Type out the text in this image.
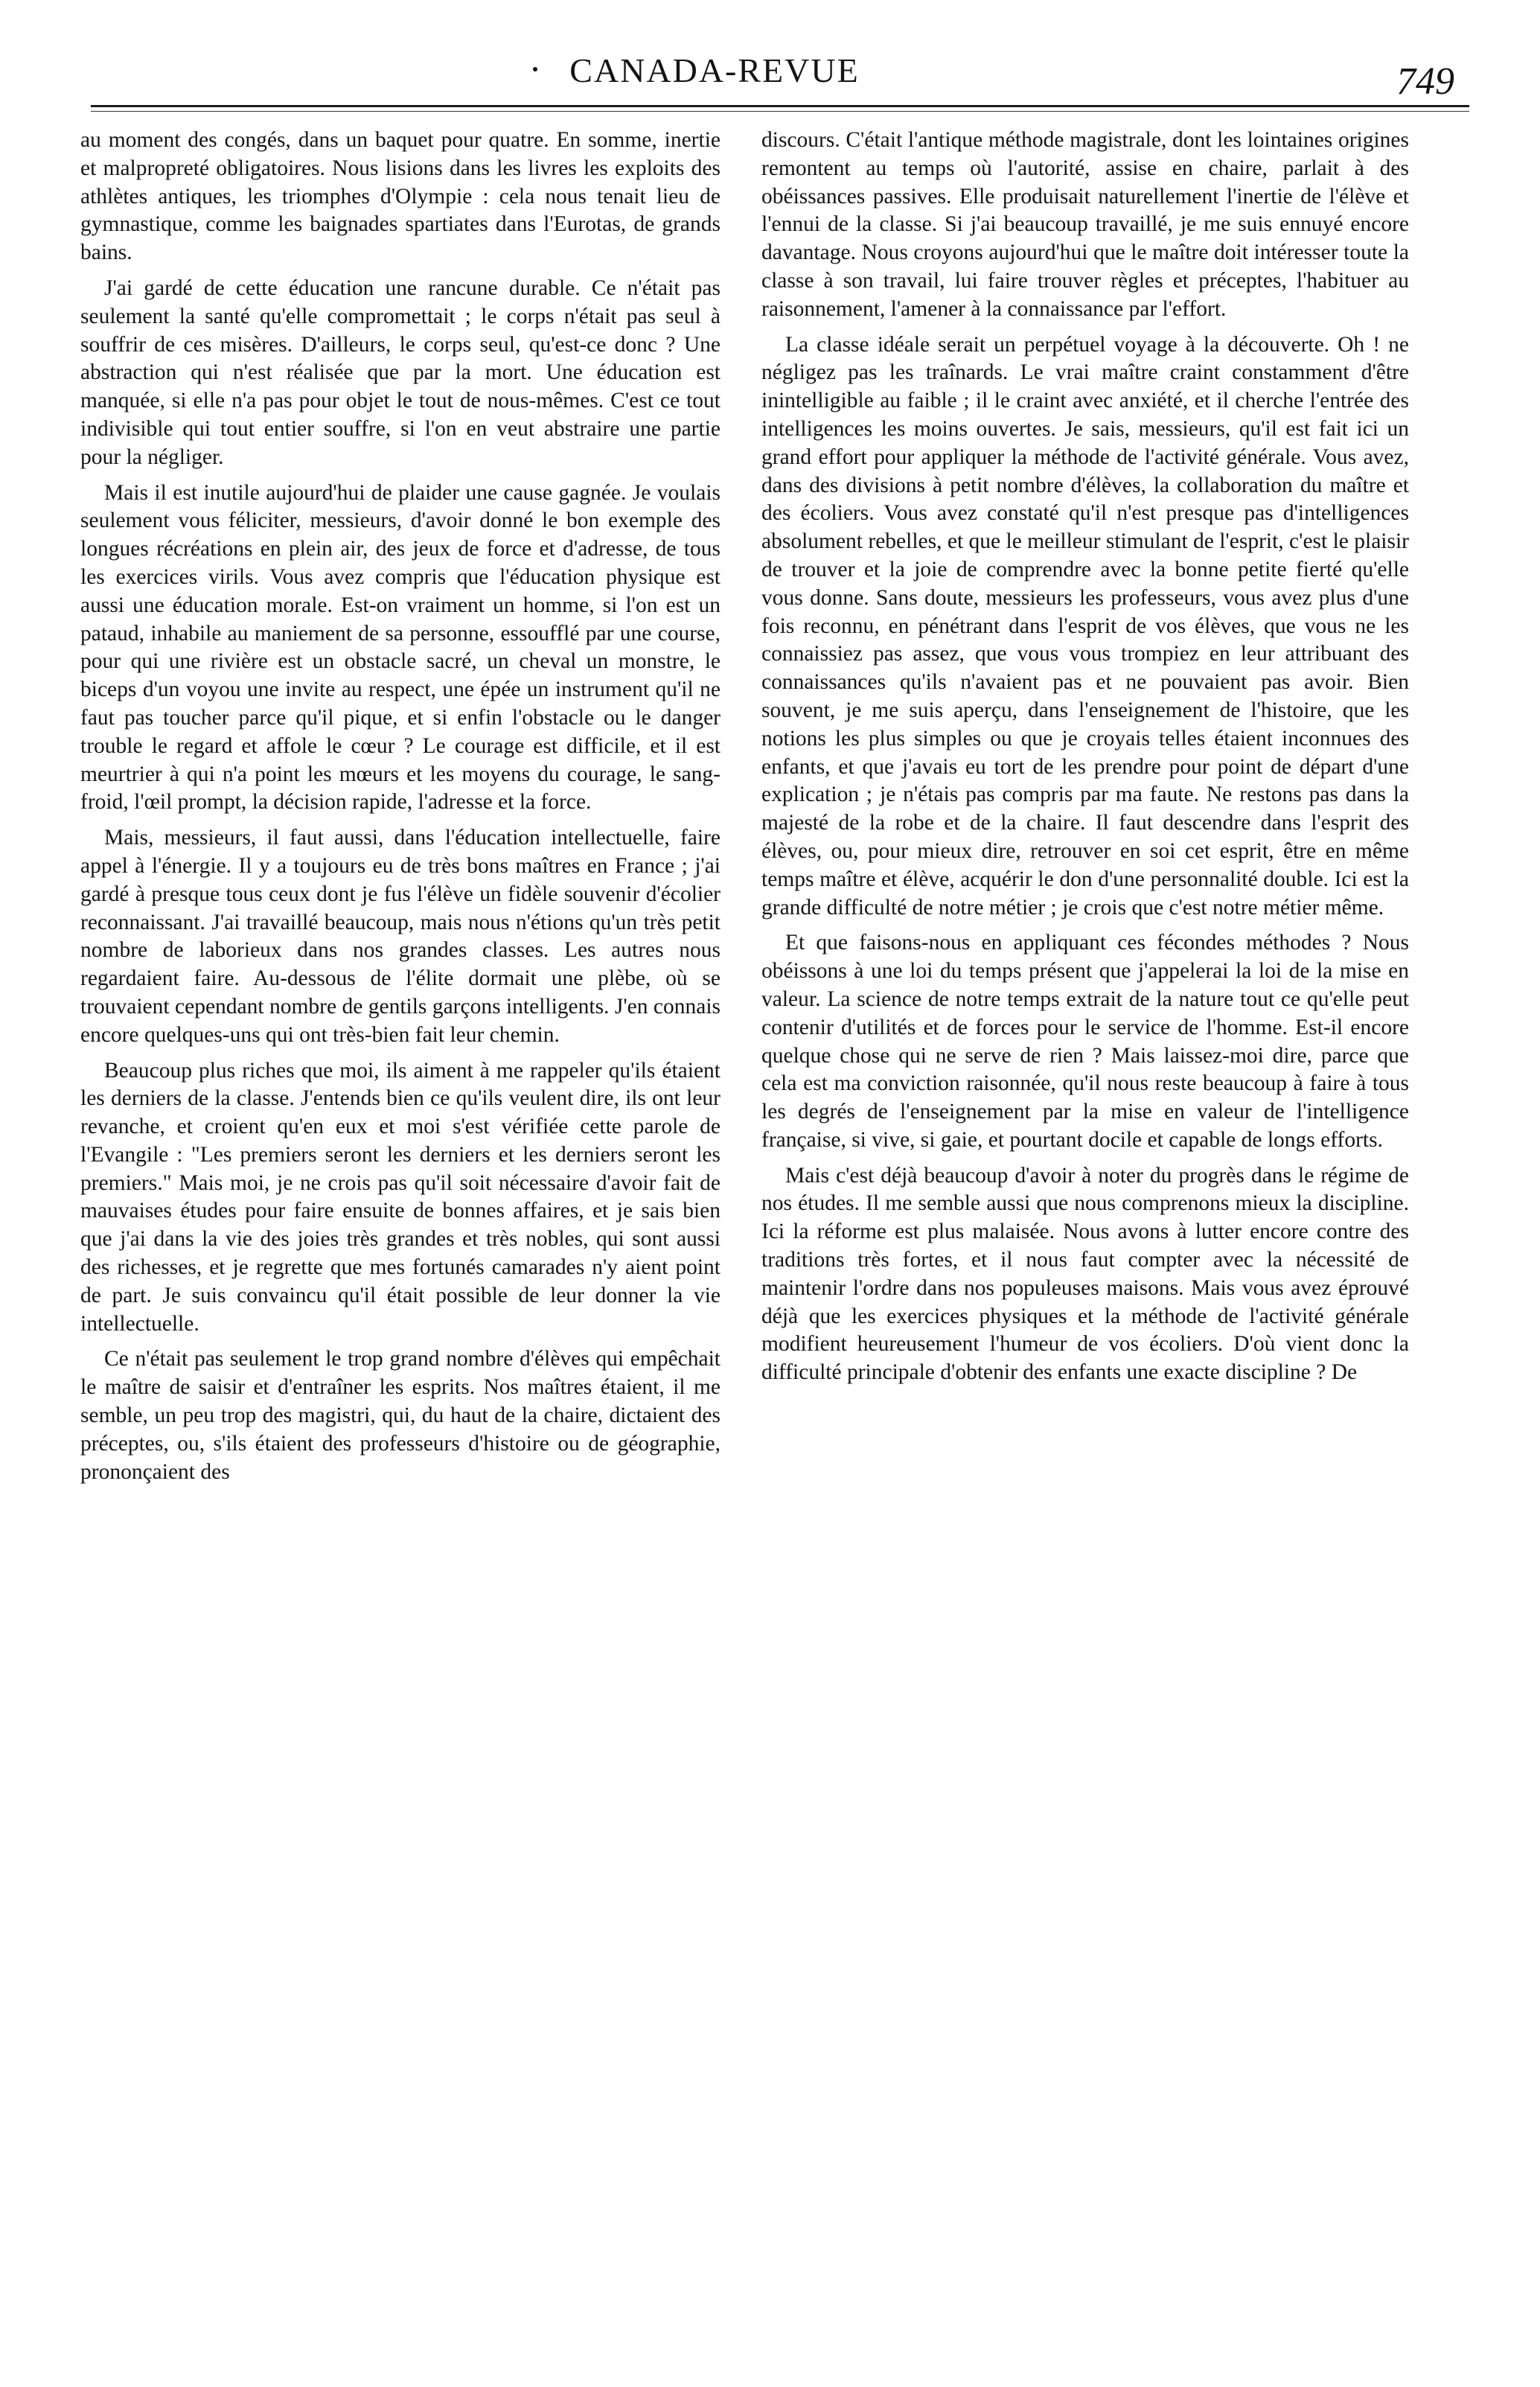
CANADA-REVUE	749

au moment des congés, dans un baquet pour quatre. En somme, inertie et malpropreté obligatoires. Nous lisions dans les livres les exploits des athlètes antiques, les triomphes d'Olympie : cela nous tenait lieu de gymnastique, comme les baignades spartiates dans l'Eurotas, de grands bains.

J'ai gardé de cette éducation une rancune durable. Ce n'était pas seulement la santé qu'elle compromettait ; le corps n'était pas seul à souffrir de ces misères. D'ailleurs, le corps seul, qu'est-ce donc ? Une abstraction qui n'est réalisée que par la mort. Une éducation est manquée, si elle n'a pas pour objet le tout de nous-mêmes. C'est ce tout indivisible qui tout entier souffre, si l'on en veut abstraire une partie pour la négliger.

Mais il est inutile aujourd'hui de plaider une cause gagnée. Je voulais seulement vous féliciter, messieurs, d'avoir donné le bon exemple des longues récréations en plein air, des jeux de force et d'adresse, de tous les exercices virils. Vous avez compris que l'éducation physique est aussi une éducation morale. Est-on vraiment un homme, si l'on est un pataud, inhabile au maniement de sa personne, essoufflé par une course, pour qui une rivière est un obstacle sacré, un cheval un monstre, le biceps d'un voyou une invite au respect, une épée un instrument qu'il ne faut pas toucher parce qu'il pique, et si enfin l'obstacle ou le danger trouble le regard et affole le cœur ? Le courage est difficile, et il est meurtrier à qui n'a point les mœurs et les moyens du courage, le sang-froid, l'œil prompt, la décision rapide, l'adresse et la force.

Mais, messieurs, il faut aussi, dans l'éducation intellectuelle, faire appel à l'énergie. Il y a toujours eu de très bons maîtres en France ; j'ai gardé à presque tous ceux dont je fus l'élève un fidèle souvenir d'écolier reconnaissant. J'ai travaillé beaucoup, mais nous n'étions qu'un très petit nombre de laborieux dans nos grandes classes. Les autres nous regardaient faire. Au-dessous de l'élite dormait une plèbe, où se trouvaient cependant nombre de gentils garçons intelligents. J'en connais encore quelques-uns qui ont très-bien fait leur chemin.

Beaucoup plus riches que moi, ils aiment à me rappeler qu'ils étaient les derniers de la classe. J'entends bien ce qu'ils veulent dire, ils ont leur revanche, et croient qu'en eux et moi s'est vérifiée cette parole de l'Evangile : "Les premiers seront les derniers et les derniers seront les premiers." Mais moi, je ne crois pas qu'il soit nécessaire d'avoir fait de mauvaises études pour faire ensuite de bonnes affaires, et je sais bien que j'ai dans la vie des joies très grandes et très nobles, qui sont aussi des richesses, et je regrette que mes fortunés camarades n'y aient point de part. Je suis convaincu qu'il était possible de leur donner la vie intellectuelle.

Ce n'était pas seulement le trop grand nombre d'élèves qui empêchait le maître de saisir et d'entraîner les esprits. Nos maîtres étaient, il me semble, un peu trop des magistri, qui, du haut de la chaire, dictaient des préceptes, ou, s'ils étaient des professeurs d'histoire ou de géographie, prononçaient des

discours. C'était l'antique méthode magistrale, dont les lointaines origines remontent au temps où l'autorité, assise en chaire, parlait à des obéissances passives. Elle produisait naturellement l'inertie de l'élève et l'ennui de la classe. Si j'ai beaucoup travaillé, je me suis ennuyé encore davantage. Nous croyons aujourd'hui que le maître doit intéresser toute la classe à son travail, lui faire trouver règles et préceptes, l'habituer au raisonnement, l'amener à la connaissance par l'effort.

La classe idéale serait un perpétuel voyage à la découverte. Oh ! ne négligez pas les traînards. Le vrai maître craint constamment d'être inintelligible au faible ; il le craint avec anxiété, et il cherche l'entrée des intelligences les moins ouvertes. Je sais, messieurs, qu'il est fait ici un grand effort pour appliquer la méthode de l'activité générale. Vous avez, dans des divisions à petit nombre d'élèves, la collaboration du maître et des écoliers. Vous avez constaté qu'il n'est presque pas d'intelligences absolument rebelles, et que le meilleur stimulant de l'esprit, c'est le plaisir de trouver et la joie de comprendre avec la bonne petite fierté qu'elle vous donne. Sans doute, messieurs les professeurs, vous avez plus d'une fois reconnu, en pénétrant dans l'esprit de vos élèves, que vous ne les connaissiez pas assez, que vous vous trompiez en leur attribuant des connaissances qu'ils n'avaient pas et ne pouvaient pas avoir. Bien souvent, je me suis aperçu, dans l'enseignement de l'histoire, que les notions les plus simples ou que je croyais telles étaient inconnues des enfants, et que j'avais eu tort de les prendre pour point de départ d'une explication ; je n'étais pas compris par ma faute. Ne restons pas dans la majesté de la robe et de la chaire. Il faut descendre dans l'esprit des élèves, ou, pour mieux dire, retrouver en soi cet esprit, être en même temps maître et élève, acquérir le don d'une personnalité double. Ici est la grande difficulté de notre métier ; je crois que c'est notre métier même.

Et que faisons-nous en appliquant ces fécondes méthodes ? Nous obéissons à une loi du temps présent que j'appelerai la loi de la mise en valeur. La science de notre temps extrait de la nature tout ce qu'elle peut contenir d'utilités et de forces pour le service de l'homme. Est-il encore quelque chose qui ne serve de rien ? Mais laissez-moi dire, parce que cela est ma conviction raisonnée, qu'il nous reste beaucoup à faire à tous les degrés de l'enseignement par la mise en valeur de l'intelligence française, si vive, si gaie, et pourtant docile et capable de longs efforts.

Mais c'est déjà beaucoup d'avoir à noter du progrès dans le régime de nos études. Il me semble aussi que nous comprenons mieux la discipline. Ici la réforme est plus malaisée. Nous avons à lutter encore contre des traditions très fortes, et il nous faut compter avec la nécessité de maintenir l'ordre dans nos populeuses maisons. Mais vous avez éprouvé déjà que les exercices physiques et la méthode de l'activité générale modifient heureusement l'humeur de vos écoliers. D'où vient donc la difficulté principale d'obtenir des enfants une exacte discipline ? De
